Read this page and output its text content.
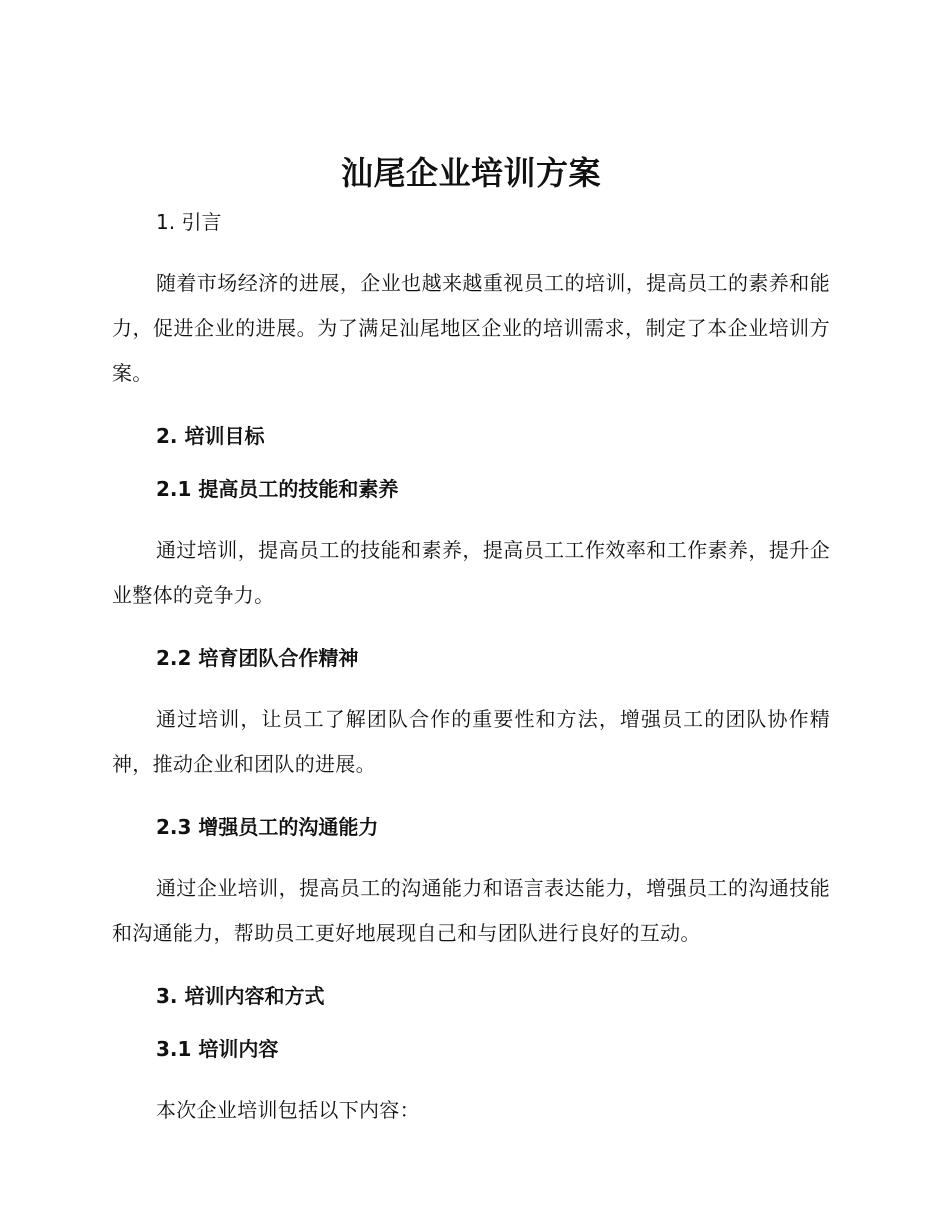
汕尾企业培训方案
1. 引言

随着市场经济的进展，企业也越来越重视员工的培训，提高员工的素养和能力，促进企业的进展。为了满足汕尾地区企业的培训需求，制定了本企业培训方案。

2. 培训目标
2.1 提高员工的技能和素养

通过培训，提高员工的技能和素养，提高员工工作效率和工作素养，提升企业整体的竞争力。

2.2 培育团队合作精神

通过培训，让员工了解团队合作的重要性和方法，增强员工的团队协作精神，推动企业和团队的进展。

2.3 增强员工的沟通能力

通过企业培训，提高员工的沟通能力和语言表达能力，增强员工的沟通技能和沟通能力，帮助员工更好地展现自己和与团队进行良好的互动。

3. 培训内容和方式
3.1 培训内容

本次企业培训包括以下内容：
